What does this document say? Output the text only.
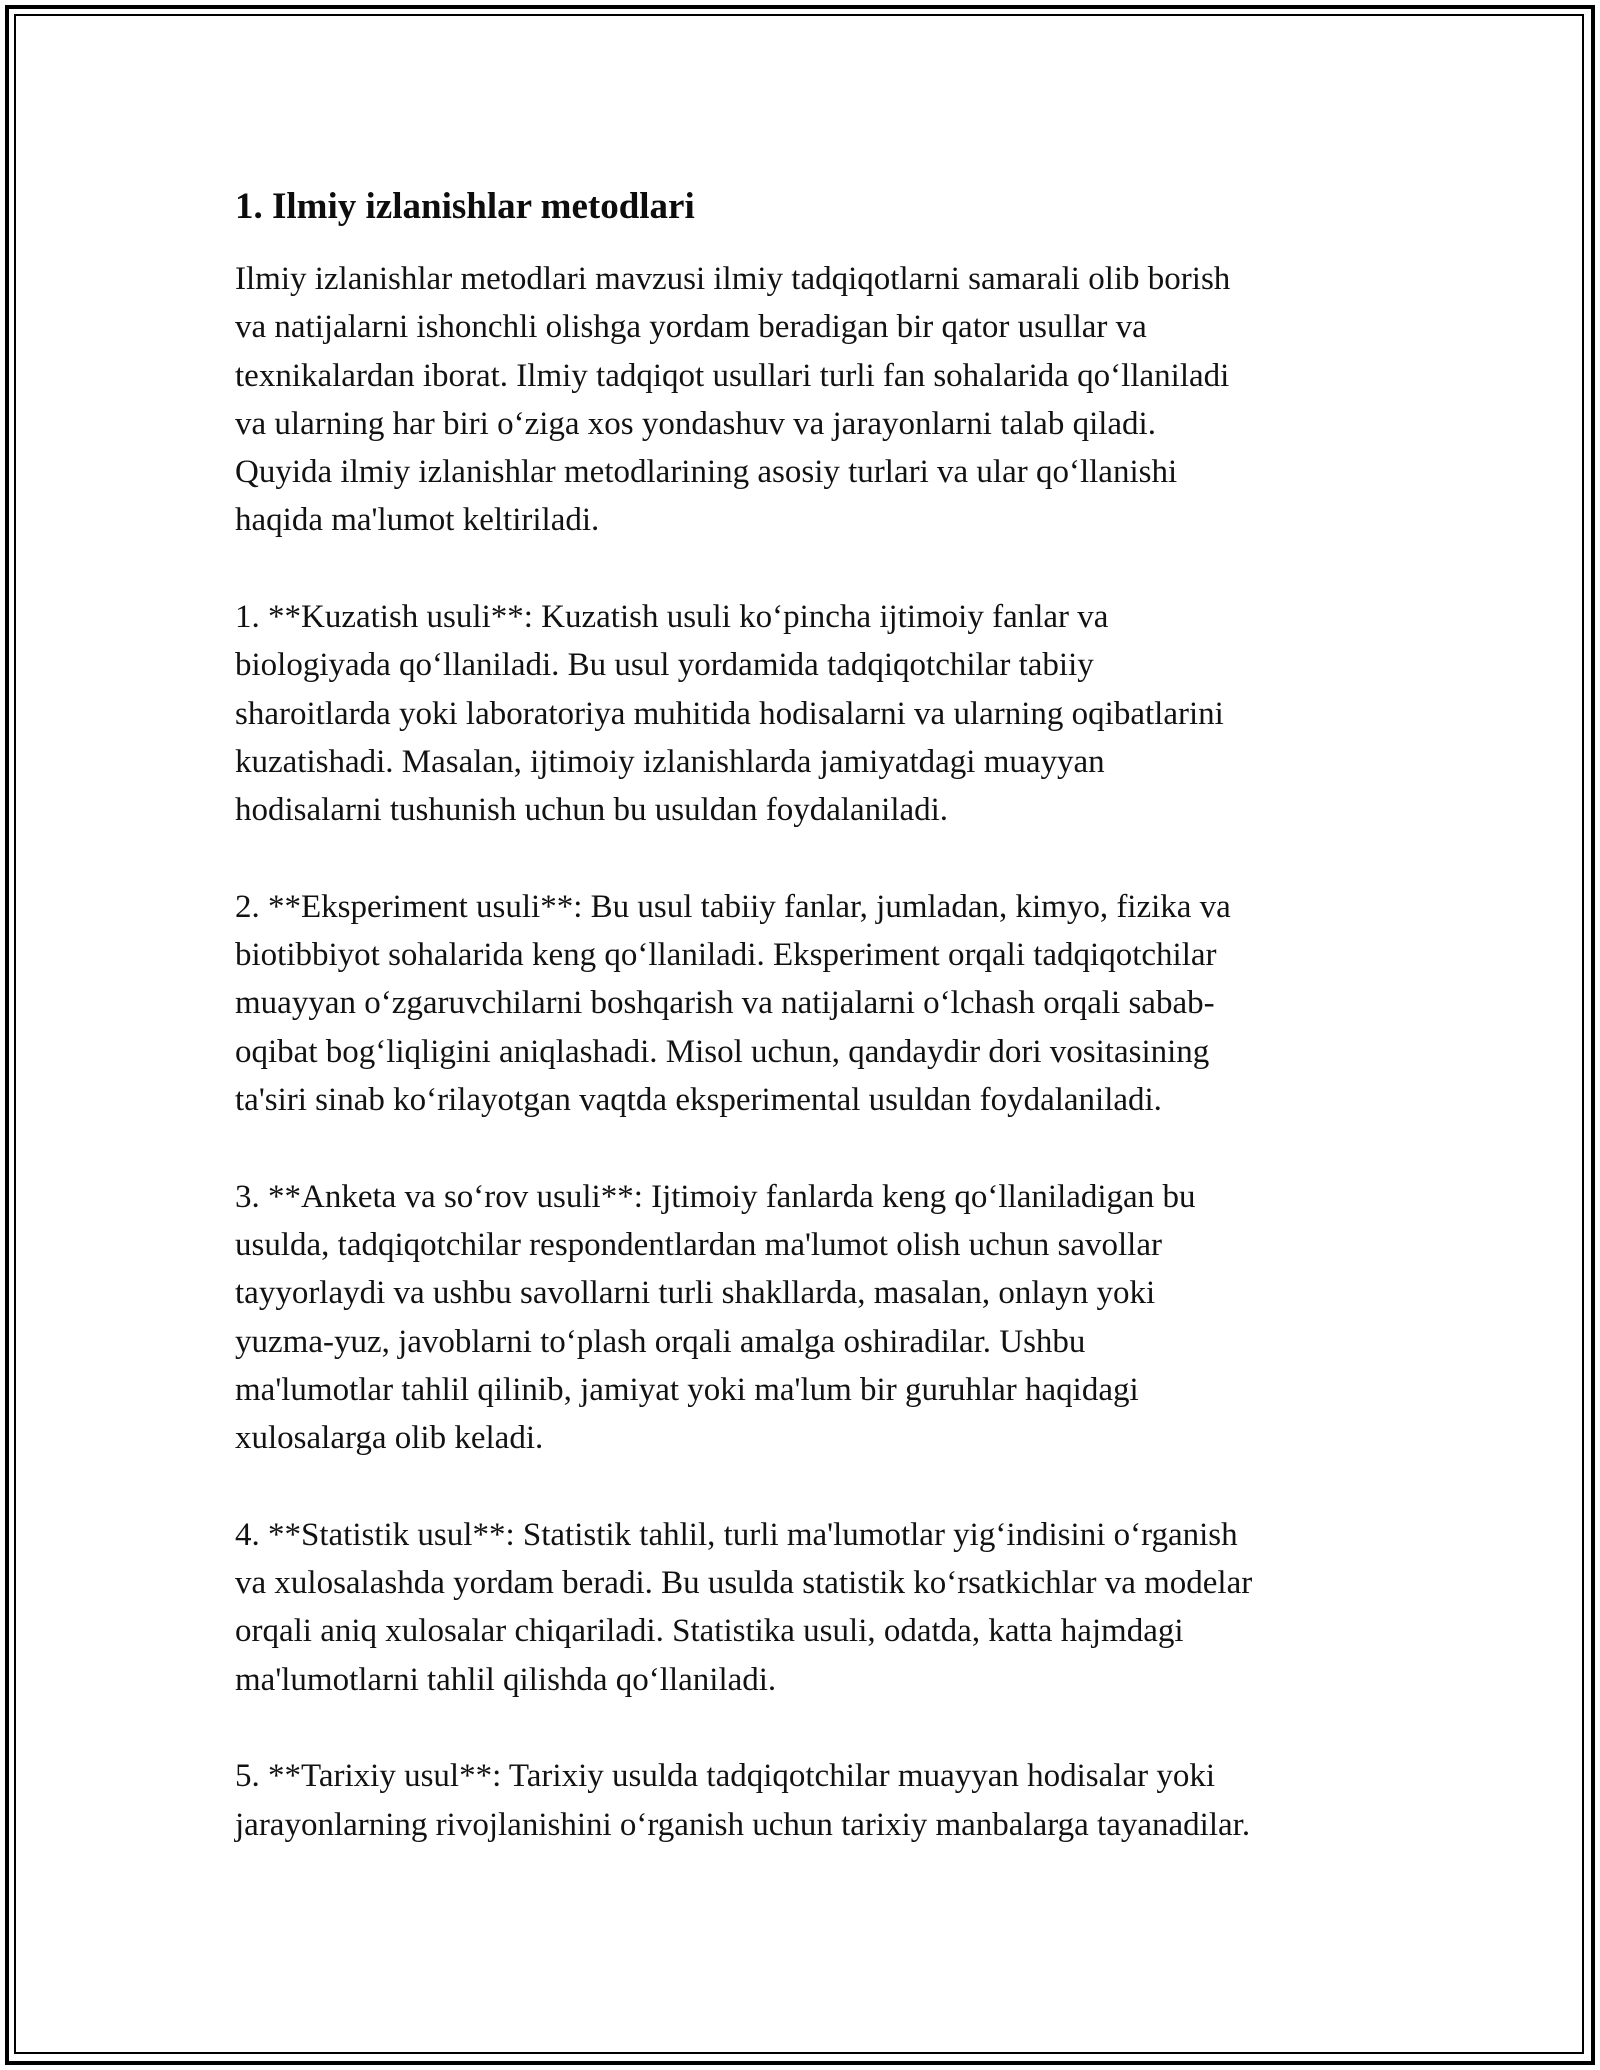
1. Ilmiy izlanishlar metodlari

Ilmiy izlanishlar metodlari mavzusi ilmiy tadqiqotlarni samarali olib borish
va natijalarni ishonchli olishga yordam beradigan bir qator usullar va
texnikalardan iborat. Ilmiy tadqiqot usullari turli fan sohalarida qo‘llaniladi
va ularning har biri o‘ziga xos yondashuv va jarayonlarni talab qiladi.
Quyida ilmiy izlanishlar metodlarining asosiy turlari va ular qo‘llanishi
haqida ma'lumot keltiriladi.

1. **Kuzatish usuli**: Kuzatish usuli ko‘pincha ijtimoiy fanlar va
biologiyada qo‘llaniladi. Bu usul yordamida tadqiqotchilar tabiiy
sharoitlarda yoki laboratoriya muhitida hodisalarni va ularning oqibatlarini
kuzatishadi. Masalan, ijtimoiy izlanishlarda jamiyatdagi muayyan
hodisalarni tushunish uchun bu usuldan foydalaniladi.

2. **Eksperiment usuli**: Bu usul tabiiy fanlar, jumladan, kimyo, fizika va
biotibbiyot sohalarida keng qo‘llaniladi. Eksperiment orqali tadqiqotchilar
muayyan o‘zgaruvchilarni boshqarish va natijalarni o‘lchash orqali sabab-
oqibat bog‘liqligini aniqlashadi. Misol uchun, qandaydir dori vositasining
ta'siri sinab ko‘rilayotgan vaqtda eksperimental usuldan foydalaniladi.

3. **Anketa va so‘rov usuli**: Ijtimoiy fanlarda keng qo‘llaniladigan bu
usulda, tadqiqotchilar respondentlardan ma'lumot olish uchun savollar
tayyorlaydi va ushbu savollarni turli shakllarda, masalan, onlayn yoki
yuzma-yuz, javoblarni to‘plash orqali amalga oshiradilar. Ushbu
ma'lumotlar tahlil qilinib, jamiyat yoki ma'lum bir guruhlar haqidagi
xulosalarga olib keladi.

4. **Statistik usul**: Statistik tahlil, turli ma'lumotlar yig‘indisini o‘rganish
va xulosalashda yordam beradi. Bu usulda statistik ko‘rsatkichlar va modelar
orqali aniq xulosalar chiqariladi. Statistika usuli, odatda, katta hajmdagi
ma'lumotlarni tahlil qilishda qo‘llaniladi.

5. **Tarixiy usul**: Tarixiy usulda tadqiqotchilar muayyan hodisalar yoki
jarayonlarning rivojlanishini o‘rganish uchun tarixiy manbalarga tayanadilar.
